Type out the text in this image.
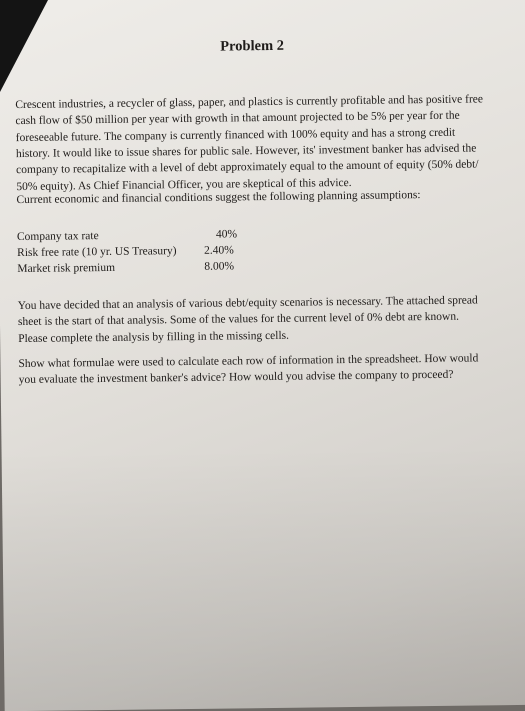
Problem 2

Crescent industries, a recycler of glass, paper, and plastics is currently profitable and has positive free cash flow of $50 million per year with growth in that amount projected to be 5% per year for the foreseeable future. The company is currently financed with 100% equity and has a strong credit history. It would like to issue shares for public sale. However, its' investment banker has advised the company to recapitalize with a level of debt approximately equal to the amount of equity (50% debt/ 50% equity). As Chief Financial Officer, you are skeptical of this advice.

Current economic and financial conditions suggest the following planning assumptions:

Company tax rate	40%
Risk free rate (10 yr. US Treasury)	2.40%
Market risk premium	8.00%

You have decided that an analysis of various debt/equity scenarios is necessary. The attached spread sheet is the start of that analysis. Some of the values for the current level of 0% debt are known. Please complete the analysis by filling in the missing cells.

Show what formulae were used to calculate each row of information in the spreadsheet. How would you evaluate the investment banker's advice? How would you advise the company to proceed?
